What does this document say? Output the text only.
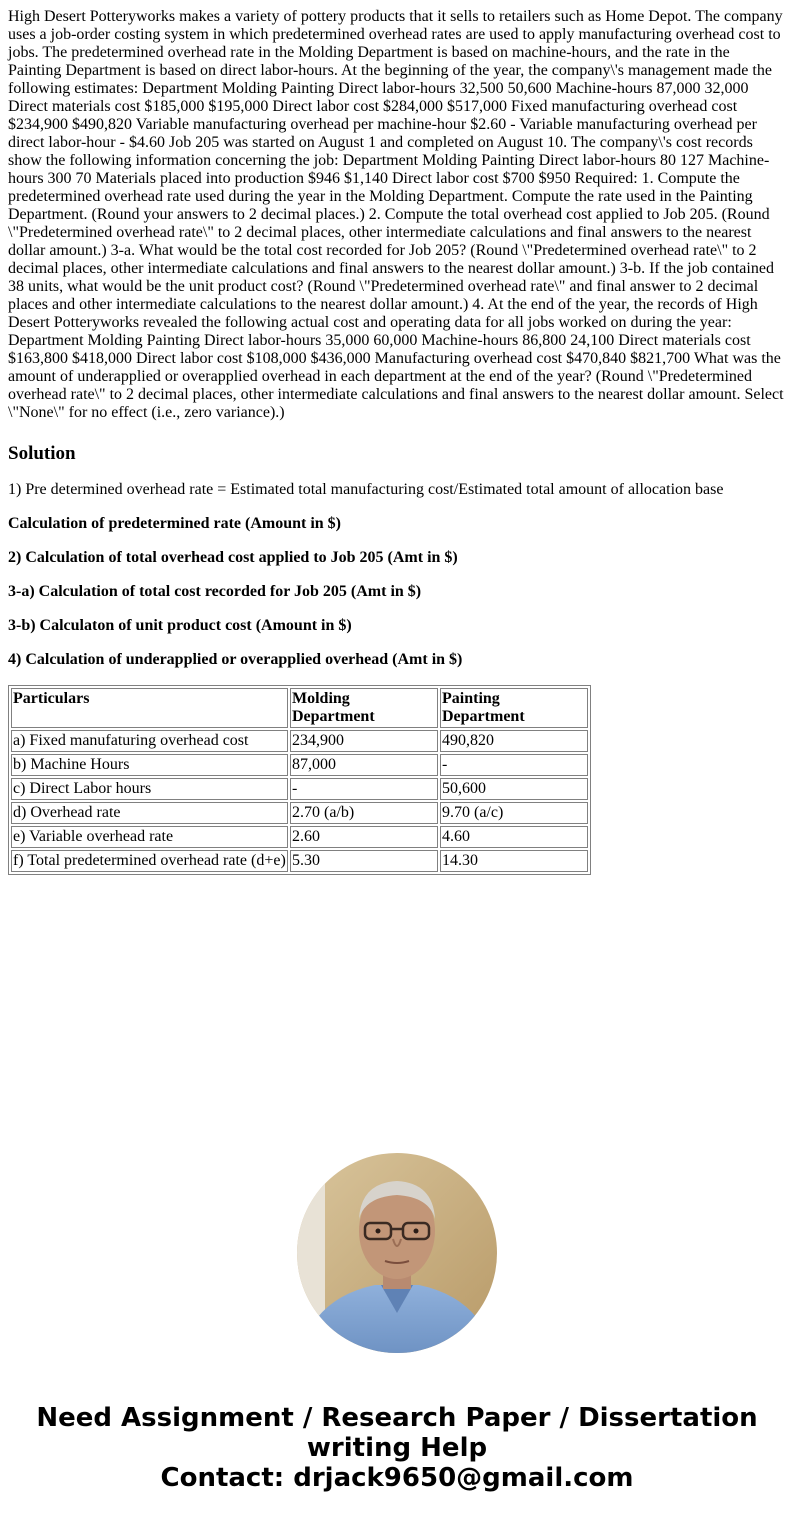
High Desert Potteryworks makes a variety of pottery products that it sells to retailers such as Home Depot. The company uses a job-order costing system in which predetermined overhead rates are used to apply manufacturing overhead cost to jobs. The predetermined overhead rate in the Molding Department is based on machine-hours, and the rate in the Painting Department is based on direct labor-hours. At the beginning of the year, the company\'s management made the following estimates: Department Molding Painting Direct labor-hours 32,500 50,600 Machine-hours 87,000 32,000 Direct materials cost $185,000 $195,000 Direct labor cost $284,000 $517,000 Fixed manufacturing overhead cost $234,900 $490,820 Variable manufacturing overhead per machine-hour $2.60 - Variable manufacturing overhead per direct labor-hour - $4.60 Job 205 was started on August 1 and completed on August 10. The company\'s cost records show the following information concerning the job: Department Molding Painting Direct labor-hours 80 127 Machine-hours 300 70 Materials placed into production $946 $1,140 Direct labor cost $700 $950 Required: 1. Compute the predetermined overhead rate used during the year in the Molding Department. Compute the rate used in the Painting Department. (Round your answers to 2 decimal places.) 2. Compute the total overhead cost applied to Job 205. (Round \"Predetermined overhead rate\" to 2 decimal places, other intermediate calculations and final answers to the nearest dollar amount.) 3-a. What would be the total cost recorded for Job 205? (Round \"Predetermined overhead rate\" to 2 decimal places, other intermediate calculations and final answers to the nearest dollar amount.) 3-b. If the job contained 38 units, what would be the unit product cost? (Round \"Predetermined overhead rate\" and final answer to 2 decimal places and other intermediate calculations to the nearest dollar amount.) 4. At the end of the year, the records of High Desert Potteryworks revealed the following actual cost and operating data for all jobs worked on during the year: Department Molding Painting Direct labor-hours 35,000 60,000 Machine-hours 86,800 24,100 Direct materials cost $163,800 $418,000 Direct labor cost $108,000 $436,000 Manufacturing overhead cost $470,840 $821,700 What was the amount of underapplied or overapplied overhead in each department at the end of the year? (Round \"Predetermined overhead rate\" to 2 decimal places, other intermediate calculations and final answers to the nearest dollar amount. Select \"None\" for no effect (i.e., zero variance).)

Solution

1) Pre determined overhead rate = Estimated total manufacturing cost/Estimated total amount of allocation base

Calculation of predetermined rate (Amount in $)

2) Calculation of total overhead cost applied to Job 205 (Amt in $)

3-a) Calculation of total cost recorded for Job 205 (Amt in $)

3-b) Calculaton of unit product cost (Amount in $)

4) Calculation of underapplied or overapplied overhead (Amt in $)

Particulars	Molding Department	Painting Department
a) Fixed manufaturing overhead cost	234,900	490,820
b) Machine Hours	87,000	-
c) Direct Labor hours	-	50,600
d) Overhead rate	2.70 (a/b)	9.70 (a/c)
e) Variable overhead rate	2.60	4.60
f) Total predetermined overhead rate (d+e)	5.30	14.30
Need Assignment / Research Paper / Dissertation
writing Help
Contact: drjack9650@gmail.com
